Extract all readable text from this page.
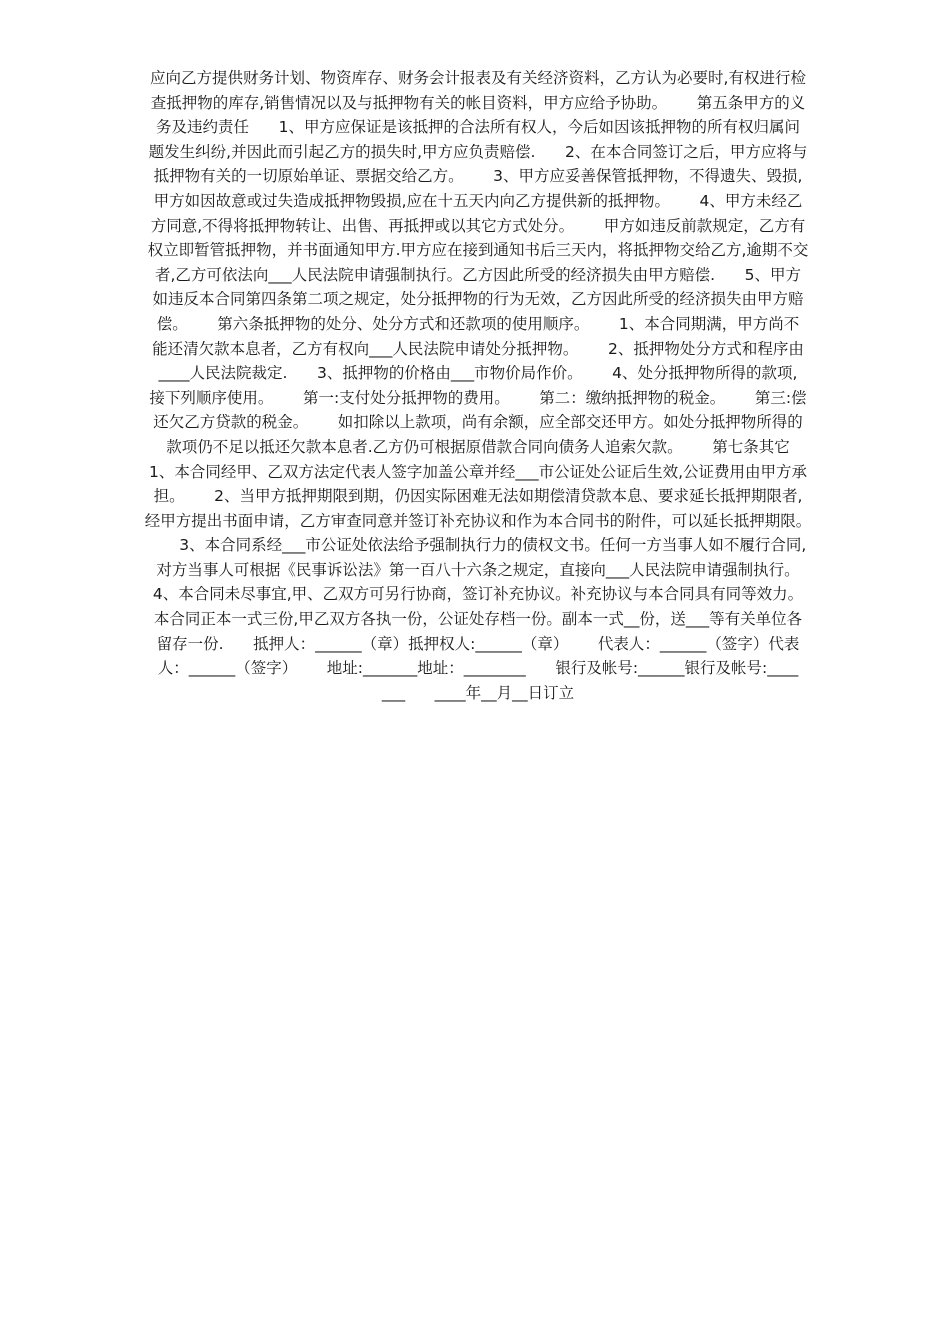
应向乙方提供财务计划、物资库存、财务会计报表及有关经济资料，乙方认为必要时,有权进行检
查抵押物的库存,销售情况以及与抵押物有关的帐目资料，甲方应给予协助。      第五条甲方的义
务及违约责任      1、甲方应保证是该抵押的合法所有权人，今后如因该抵押物的所有权归属问
题发生纠纷,并因此而引起乙方的损失时,甲方应负责赔偿.      2、在本合同签订之后，甲方应将与
抵押物有关的一切原始单证、票据交给乙方。      3、甲方应妥善保管抵押物，不得遗失、毁损,
甲方如因故意或过失造成抵押物毁损,应在十五天内向乙方提供新的抵押物。      4、甲方未经乙
方同意,不得将抵押物转让、出售、再抵押或以其它方式处分。      甲方如违反前款规定，乙方有
权立即暂管抵押物，并书面通知甲方.甲方应在接到通知书后三天内，将抵押物交给乙方,逾期不交
者,乙方可依法向___人民法院申请强制执行。乙方因此所受的经济损失由甲方赔偿.      5、甲方
如违反本合同第四条第二项之规定，处分抵押物的行为无效，乙方因此所受的经济损失由甲方赔
偿。      第六条抵押物的处分、处分方式和还款项的使用顺序。      1、本合同期满，甲方尚不
能还清欠款本息者，乙方有权向___人民法院申请处分抵押物。      2、抵押物处分方式和程序由
____人民法院裁定.      3、抵押物的价格由___市物价局作价。      4、处分抵押物所得的款项,
接下列顺序使用。      第一:支付处分抵押物的费用。      第二：缴纳抵押物的税金。      第三:偿
还欠乙方贷款的税金。      如扣除以上款项，尚有余额，应全部交还甲方。如处分抵押物所得的
款项仍不足以抵还欠款本息者.乙方仍可根据原借款合同向债务人追索欠款。      第七条其它
1、本合同经甲、乙双方法定代表人签字加盖公章并经___市公证处公证后生效,公证费用由甲方承
担。      2、当甲方抵押期限到期，仍因实际困难无法如期偿清贷款本息、要求延长抵押期限者,
经甲方提出书面申请，乙方审查同意并签订补充协议和作为本合同书的附件，可以延长抵押期限。
3、本合同系经___市公证处依法给予强制执行力的债权文书。任何一方当事人如不履行合同,
对方当事人可根据《民事诉讼法》第一百八十六条之规定，直接向___人民法院申请强制执行。
4、本合同未尽事宜,甲、乙双方可另行协商，签订补充协议。补充协议与本合同具有同等效力。
本合同正本一式三份,甲乙双方各执一份，公证处存档一份。副本一式__份，送___等有关单位各
留存一份.      抵押人：______（章）抵押权人:______（章）      代表人：______（签字）代表
人：______（签字）      地址:_______地址：________      银行及帐号:______银行及帐号:____
___      ____年__月__日订立
